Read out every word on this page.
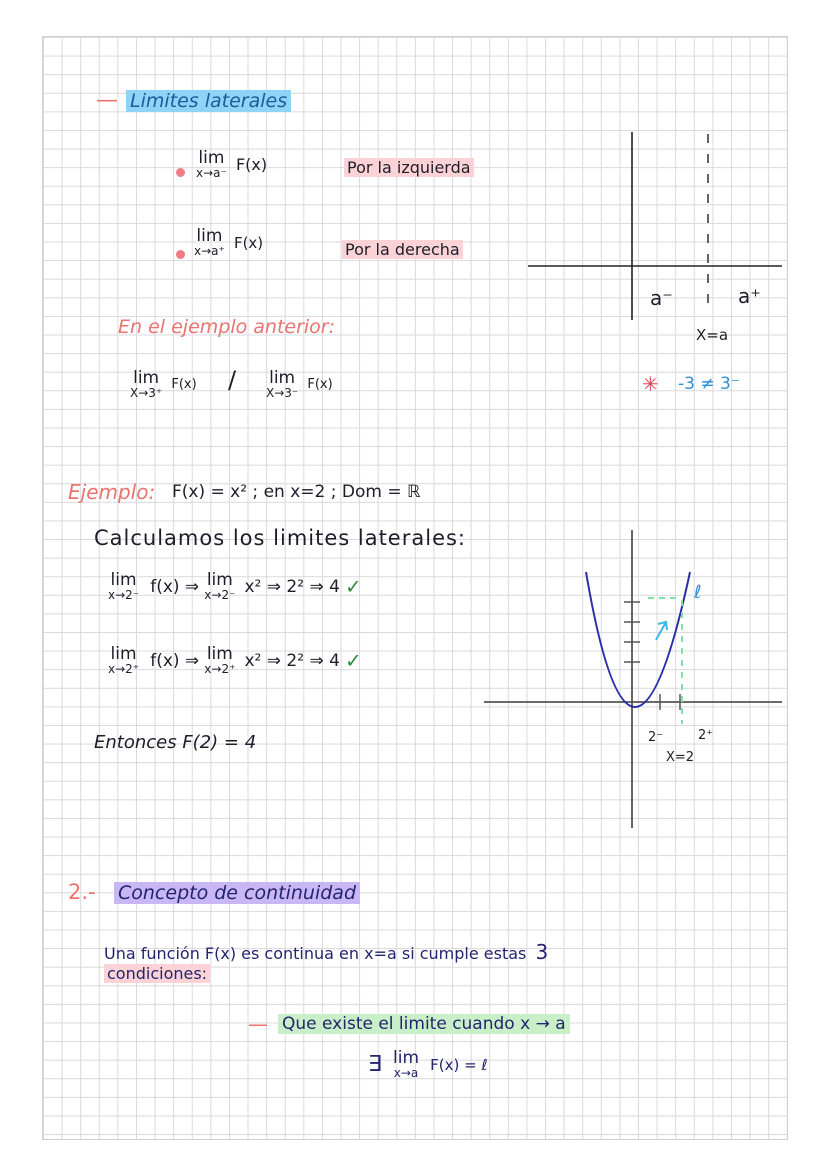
— Limites laterales
lim
x→a⁻ F(x)	Por la izquierda
lim
x→a⁺ F(x)	Por la derecha
a⁻	a⁺
X=a
✳ -3 ≠ 3⁻
En el ejemplo anterior:
lim
X→3⁺
F(x) / lim
X→3⁻
F(x)
Ejemplo: F(x) = x² ; en x=2 ; Dom = ℝ
Calculamos los limites laterales:
lim
x→2⁻ f(x) ⇒ lim
x→2⁻ x² ⇒ 2² ⇒ 4 ✓
lim
x→2⁺ f(x) ⇒ lim
x→2⁺ x² ⇒ 2² ⇒ 4 ✓
Entonces F(2) = 4
ℓ
2⁻	2⁺
X=2
2.- Concepto de continuidad
Una función F(x) es continua en x=a si cumple estas 3
condiciones:
— Que existe el limite cuando x → a
∃ lim
x→a F(x) = ℓ
